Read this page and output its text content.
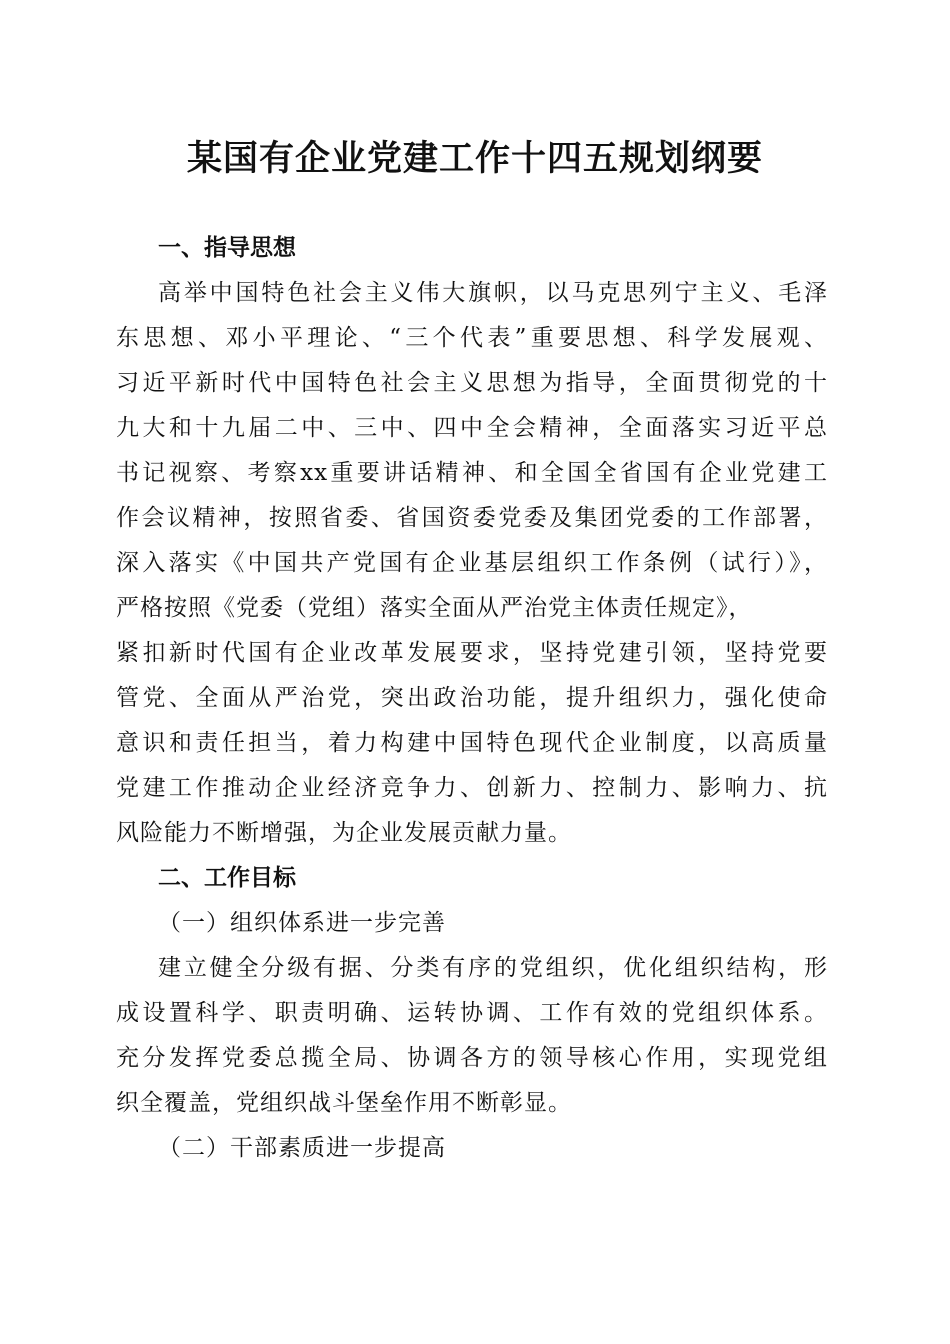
某国有企业党建工作十四五规划纲要

一、指导思想

高举中国特色社会主义伟大旗帜，以马克思列宁主义、毛泽

东思想、邓小平理论、“三个代表”重要思想、科学发展观、

习近平新时代中国特色社会主义思想为指导，全面贯彻党的十

九大和十九届二中、三中、四中全会精神，全面落实习近平总

书记视察、考察xx重要讲话精神、和全国全省国有企业党建工

作会议精神，按照省委、省国资委党委及集团党委的工作部署，

深入落实《中国共产党国有企业基层组织工作条例（试行）》，

严格按照《党委（党组）落实全面从严治党主体责任规定》，

紧扣新时代国有企业改革发展要求，坚持党建引领，坚持党要

管党、全面从严治党，突出政治功能，提升组织力，强化使命

意识和责任担当，着力构建中国特色现代企业制度，以高质量

党建工作推动企业经济竞争力、创新力、控制力、影响力、抗

风险能力不断增强，为企业发展贡献力量。

二、工作目标

（一）组织体系进一步完善

建立健全分级有据、分类有序的党组织，优化组织结构，形

成设置科学、职责明确、运转协调、工作有效的党组织体系。

充分发挥党委总揽全局、协调各方的领导核心作用，实现党组

织全覆盖，党组织战斗堡垒作用不断彰显。

（二）干部素质进一步提高
